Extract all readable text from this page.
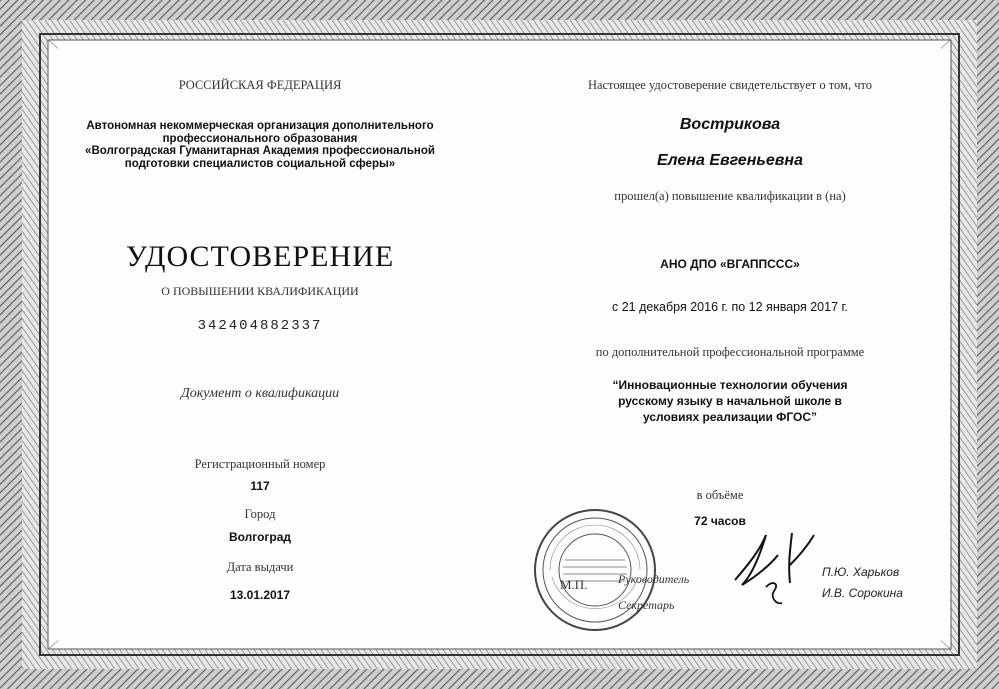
РОССИЙСКАЯ ФЕДЕРАЦИЯ
Автономная некоммерческая организация дополнительного
профессионального образования
«Волгоградская Гуманитарная Академия профессиональной
подготовки специалистов социальной сферы»
УДОСТОВЕРЕНИЕ
О ПОВЫШЕНИИ КВАЛИФИКАЦИИ
342404882337
Документ о квалификации
Регистрационный номер
117
Город
Волгоград
Дата выдачи
13.01.2017
Настоящее удостоверение свидетельствует о том, что
Вострикова
Елена Евгеньевна
прошел(а) повышение квалификации в (на)
АНО ДПО «ВГАППССС»
с 21 декабря 2016 г. по 12 января 2017 г.
по дополнительной профессиональной программе
“Инновационные технологии обучения
русскому языку в начальной школе в
условиях реализации ФГОС”
в объёме
72 часов
М.П.	Руководитель
Секретарь
П.Ю. Харьков
И.В. Сорокина
